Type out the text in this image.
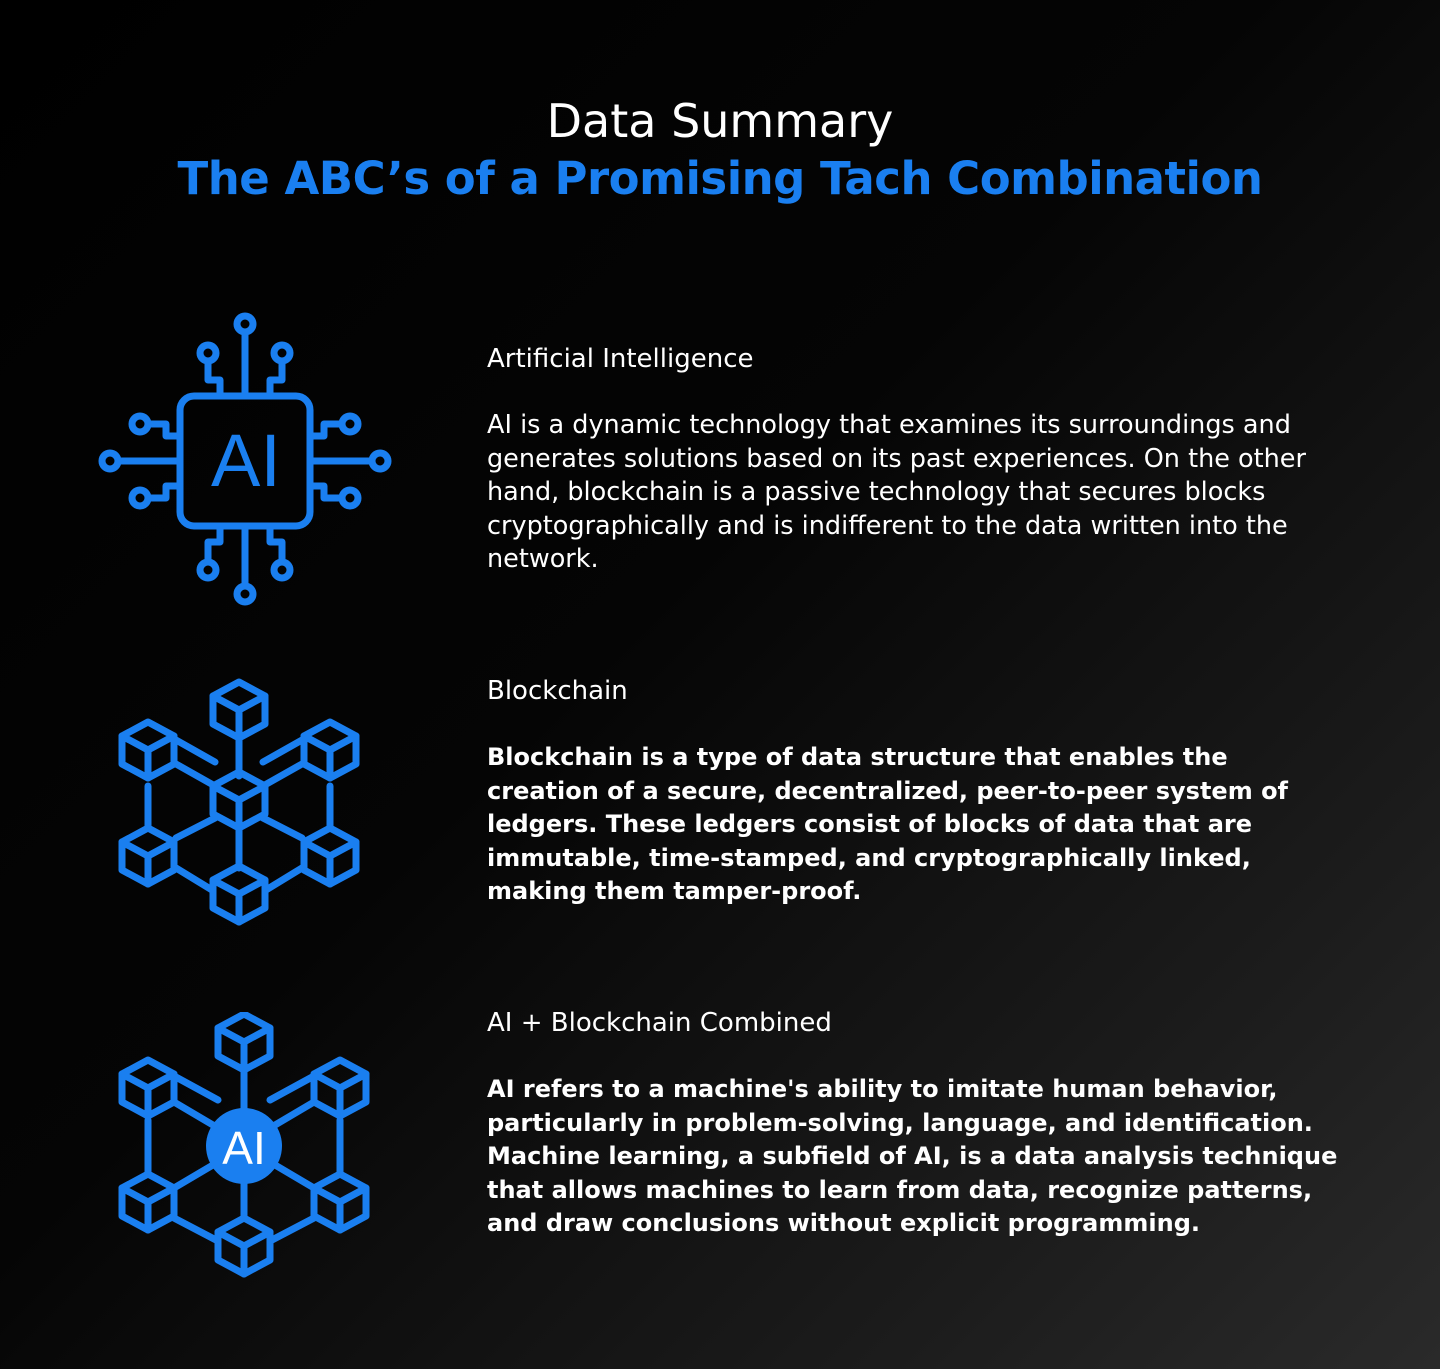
Data Summary
The ABC’s of a Promising Tach Combination
AI
Artificial Intelligence

AI is a dynamic technology that examines its surroundings and generates solutions based on its past experiences. On the other hand, blockchain is a passive technology that secures blocks cryptographically and is indifferent to the data written into the network.

Blockchain

Blockchain is a type of data structure that enables the creation of a secure, decentralized, peer-to-peer system of ledgers. These ledgers consist of blocks of data that are immutable, time-stamped, and cryptographically linked, making them tamper-proof.

AI
AI + Blockchain Combined

AI refers to a machine's ability to imitate human behavior, particularly in problem-solving, language, and identification. Machine learning, a subfield of AI, is a data analysis technique that allows machines to learn from data, recognize patterns, and draw conclusions without explicit programming.
